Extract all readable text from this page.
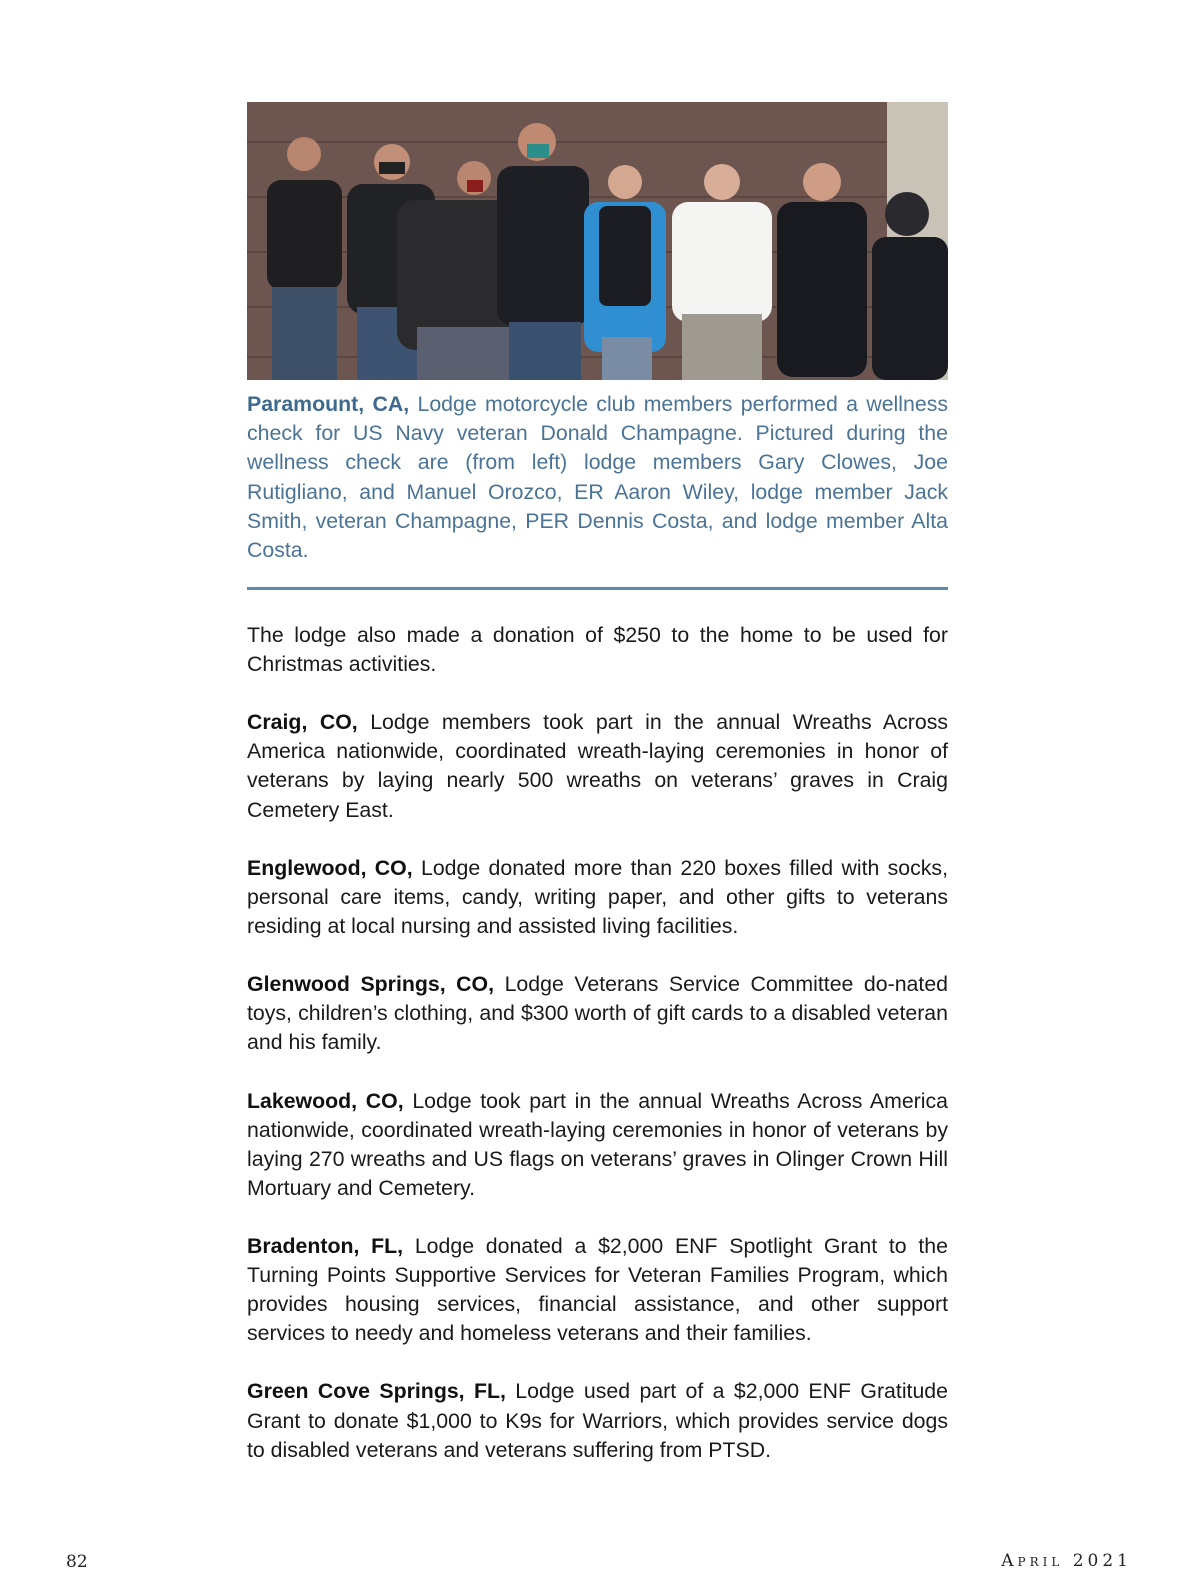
Paramount, CA, Lodge motorcycle club members performed a wellness check for US Navy veteran Donald Champagne. Pictured during the wellness check are (from left) lodge members Gary Clowes, Joe Rutigliano, and Manuel Orozco, ER Aaron Wiley, lodge member Jack Smith, veteran Champagne, PER Dennis Costa, and lodge member Alta Costa.

The lodge also made a donation of $250 to the home to be used for Christmas activities.

Craig, CO, Lodge members took part in the annual Wreaths Across America nationwide, coordinated wreath-laying ceremonies in honor of veterans by laying nearly 500 wreaths on veterans’ graves in Craig Cemetery East.

Englewood, CO, Lodge donated more than 220 boxes filled with socks, personal care items, candy, writing paper, and other gifts to veterans residing at local nursing and assisted living facilities.

Glenwood Springs, CO, Lodge Veterans Service Committee do-nated toys, children’s clothing, and $300 worth of gift cards to a disabled veteran and his family.

Lakewood, CO, Lodge took part in the annual Wreaths Across America nationwide, coordinated wreath-laying ceremonies in honor of veterans by laying 270 wreaths and US flags on veterans’ graves in Olinger Crown Hill Mortuary and Cemetery.

Bradenton, FL, Lodge donated a $2,000 ENF Spotlight Grant to the Turning Points Supportive Services for Veteran Families Program, which provides housing services, financial assistance, and other support services to needy and homeless veterans and their families.

Green Cove Springs, FL, Lodge used part of a $2,000 ENF Gratitude Grant to donate $1,000 to K9s for Warriors, which provides service dogs to disabled veterans and veterans suffering from PTSD.

82	April 2021
